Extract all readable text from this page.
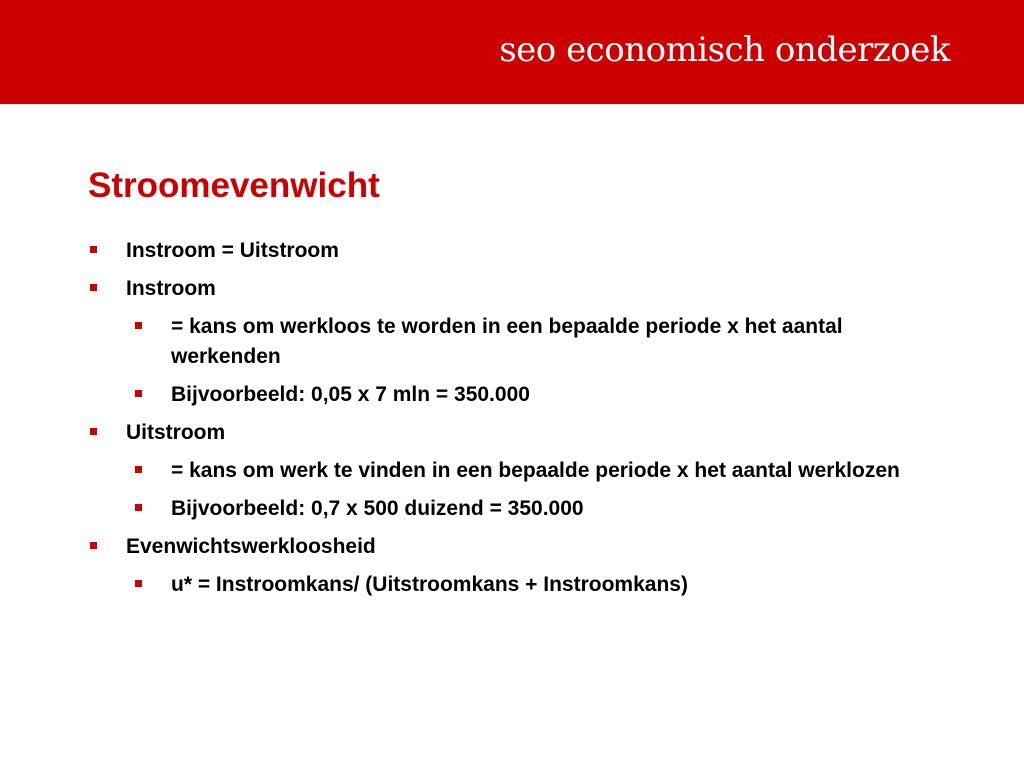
seo economisch onderzoek
Stroomevenwicht
Instroom = Uitstroom
Instroom
= kans om werkloos te worden in een bepaalde periode x het aantal werkenden
Bijvoorbeeld: 0,05 x 7 mln = 350.000
Uitstroom
= kans om werk te vinden in een bepaalde periode x het aantal werklozen
Bijvoorbeeld: 0,7 x 500 duizend = 350.000
Evenwichtswerkloosheid
u* = Instroomkans/ (Uitstroomkans + Instroomkans)
